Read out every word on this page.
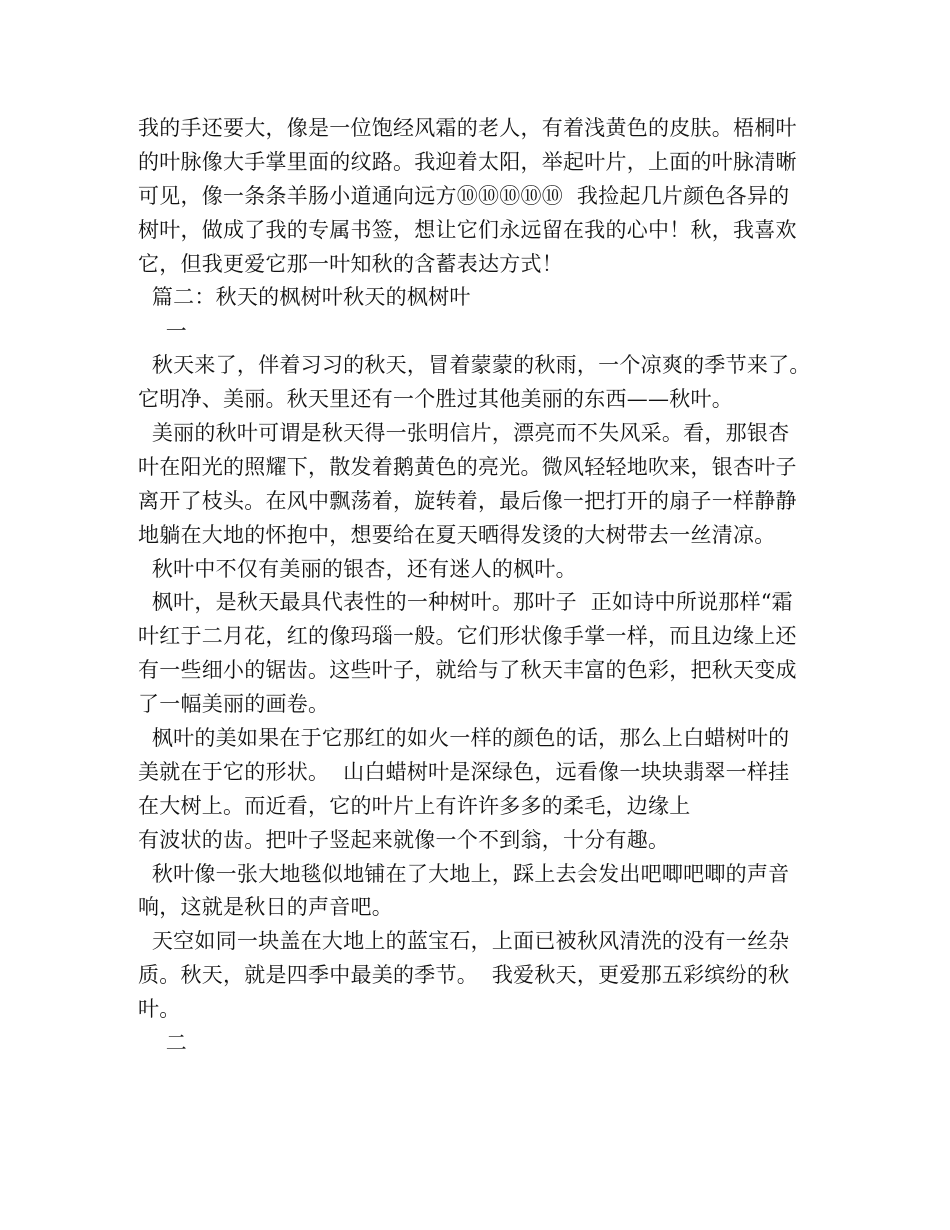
我的手还要大，像是一位饱经风霜的老人，有着浅黄色的皮肤。梧桐叶
的叶脉像大手掌里面的纹路。我迎着太阳，举起叶片，上面的叶脉清晰
可见，像一条条羊肠小道通向远方⑩⑩⑩⑩⑩  我捡起几片颜色各异的
树叶，做成了我的专属书签，想让它们永远留在我的心中！秋，我喜欢
它，但我更爱它那一叶知秋的含蓄表达方式！
篇二：秋天的枫树叶秋天的枫树叶
一
秋天来了，伴着习习的秋天，冒着蒙蒙的秋雨，一个凉爽的季节来了。
它明净、美丽。秋天里还有一个胜过其他美丽的东西——秋叶。
美丽的秋叶可谓是秋天得一张明信片，漂亮而不失风采。看，那银杏
叶在阳光的照耀下，散发着鹅黄色的亮光。微风轻轻地吹来，银杏叶子
离开了枝头。在风中飘荡着，旋转着，最后像一把打开的扇子一样静静
地躺在大地的怀抱中，想要给在夏天晒得发烫的大树带去一丝清凉。
秋叶中不仅有美丽的银杏，还有迷人的枫叶。
枫叶，是秋天最具代表性的一种树叶。那叶子  正如诗中所说那样“霜
叶红于二月花，红的像玛瑙一般。它们形状像手掌一样，而且边缘上还
有一些细小的锯齿。这些叶子，就给与了秋天丰富的色彩，把秋天变成
了一幅美丽的画卷。
枫叶的美如果在于它那红的如火一样的颜色的话，那么上白蜡树叶的
美就在于它的形状。  山白蜡树叶是深绿色，远看像一块块翡翠一样挂
在大树上。而近看，它的叶片上有许许多多的柔毛，边缘上
有波状的齿。把叶子竖起来就像一个不到翁，十分有趣。
秋叶像一张大地毯似地铺在了大地上，踩上去会发出吧唧吧唧的声音
响，这就是秋日的声音吧。
天空如同一块盖在大地上的蓝宝石，上面已被秋风清洗的没有一丝杂
质。秋天，就是四季中最美的季节。  我爱秋天，更爱那五彩缤纷的秋
叶。
二
